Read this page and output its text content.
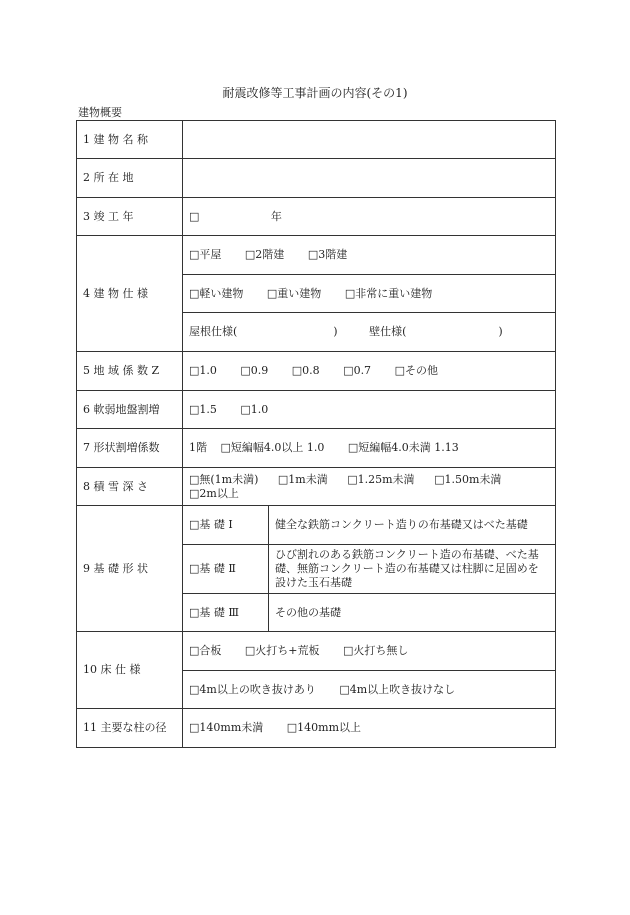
耐震改修等工事計画の内容(その1)
建物概要
1 建 物 名 称		
2 所 在 地		
3 竣 工 年	□ 年	
4 建 物 仕 様	□平屋 □2階建 □3階建	
	□軽い建物 □重い建物 □非常に重い建物	
	屋根仕様( ) 壁仕様( )	
5 地 域 係 数 Z	□1.0 □0.9 □0.8 □0.7 □その他	
6 軟弱地盤割増	□1.5 □1.0	
7 形状割増係数	1階 □短編幅4.0以上 1.0 □短編幅4.0未満 1.13	
8 積 雪 深 さ	□無(1m未満) □1m未満 □1.25m未満 □1.50m未満
□2m以上	

9 基 礎 形 状	□基 礎 Ⅰ	健全な鉄筋コンクリート造りの布基礎又はべた基礎
	□基 礎 Ⅱ	ひび割れのある鉄筋コンクリート造の布基礎、べた基礎、無筋コンクリート造の布基礎又は柱脚に足固めを設けた玉石基礎
	□基 礎 Ⅲ	その他の基礎
10 床 仕 様	□合板 □火打ち+荒板 □火打ち無し	
	□4m以上の吹き抜けあり □4m以上吹き抜けなし	
11 主要な柱の径	□140mm未満 □140mm以上	
